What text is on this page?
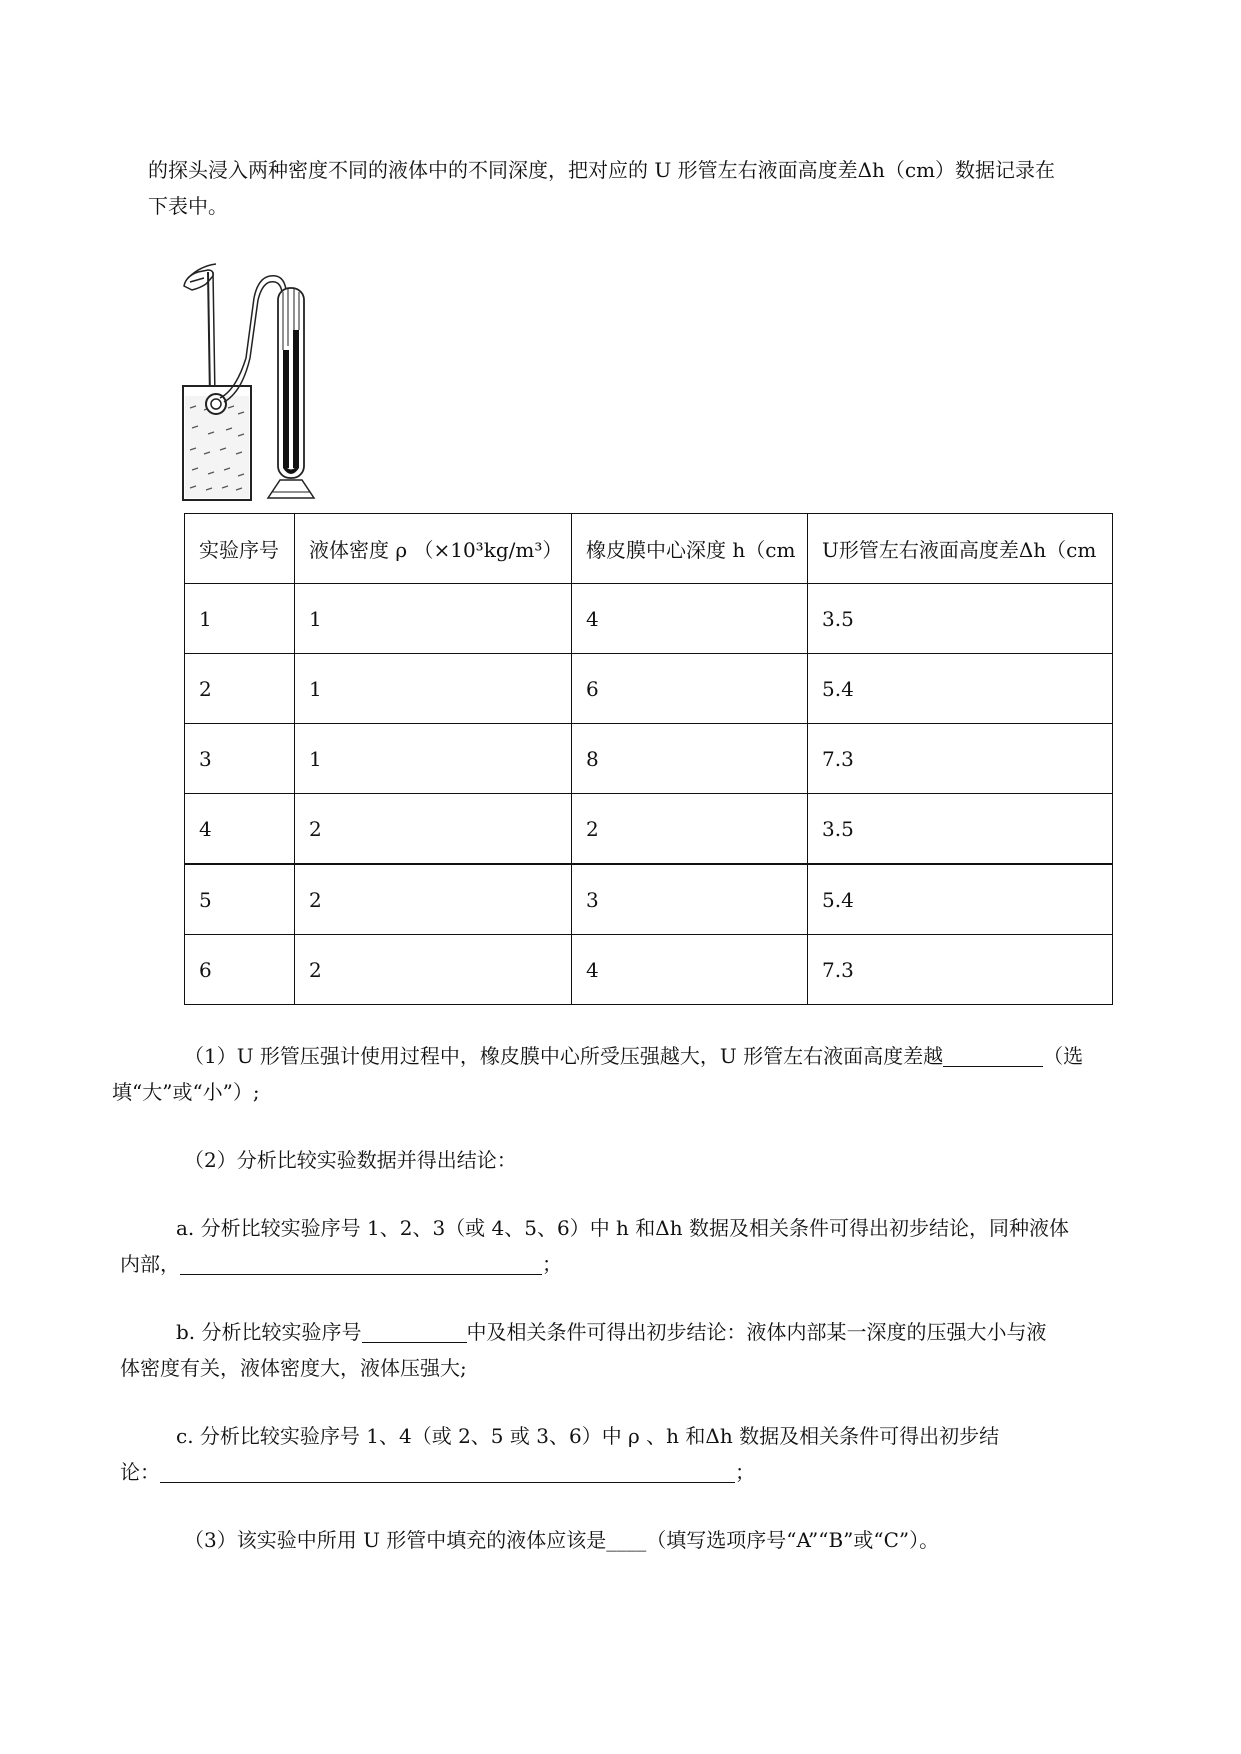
的探头浸入两种密度不同的液体中的不同深度，把对应的 U 形管左右液面高度差Δh（cm）数据记录在
下表中。

实验序号	液体密度 ρ （×10³kg/m³）	橡皮膜中心深度 h（cm	U形管左右液面高度差Δh（cm
1	1	4	3.5
2	1	6	5.4
3	1	8	7.3
4	2	2	3.5
5	2	3	5.4
6	2	4	7.3

（1）U 形管压强计使用过程中，橡皮膜中心所受压强越大，U 形管左右液面高度差越	（选
填“大”或“小”）;

（2）分析比较实验数据并得出结论：

a. 分析比较实验序号 1、2、3（或 4、5、6）中 h 和Δh 数据及相关条件可得出初步结论，同种液体
内部，	；

b. 分析比较实验序号	中及相关条件可得出初步结论：液体内部某一深度的压强大小与液
体密度有关，液体密度大，液体压强大;

c. 分析比较实验序号 1、4（或 2、5 或 3、6）中 ρ 、h 和Δh 数据及相关条件可得出初步结
论：	；

（3）该实验中所用 U 形管中填充的液体应该是____（填写选项序号“A”“B”或“C”）。
